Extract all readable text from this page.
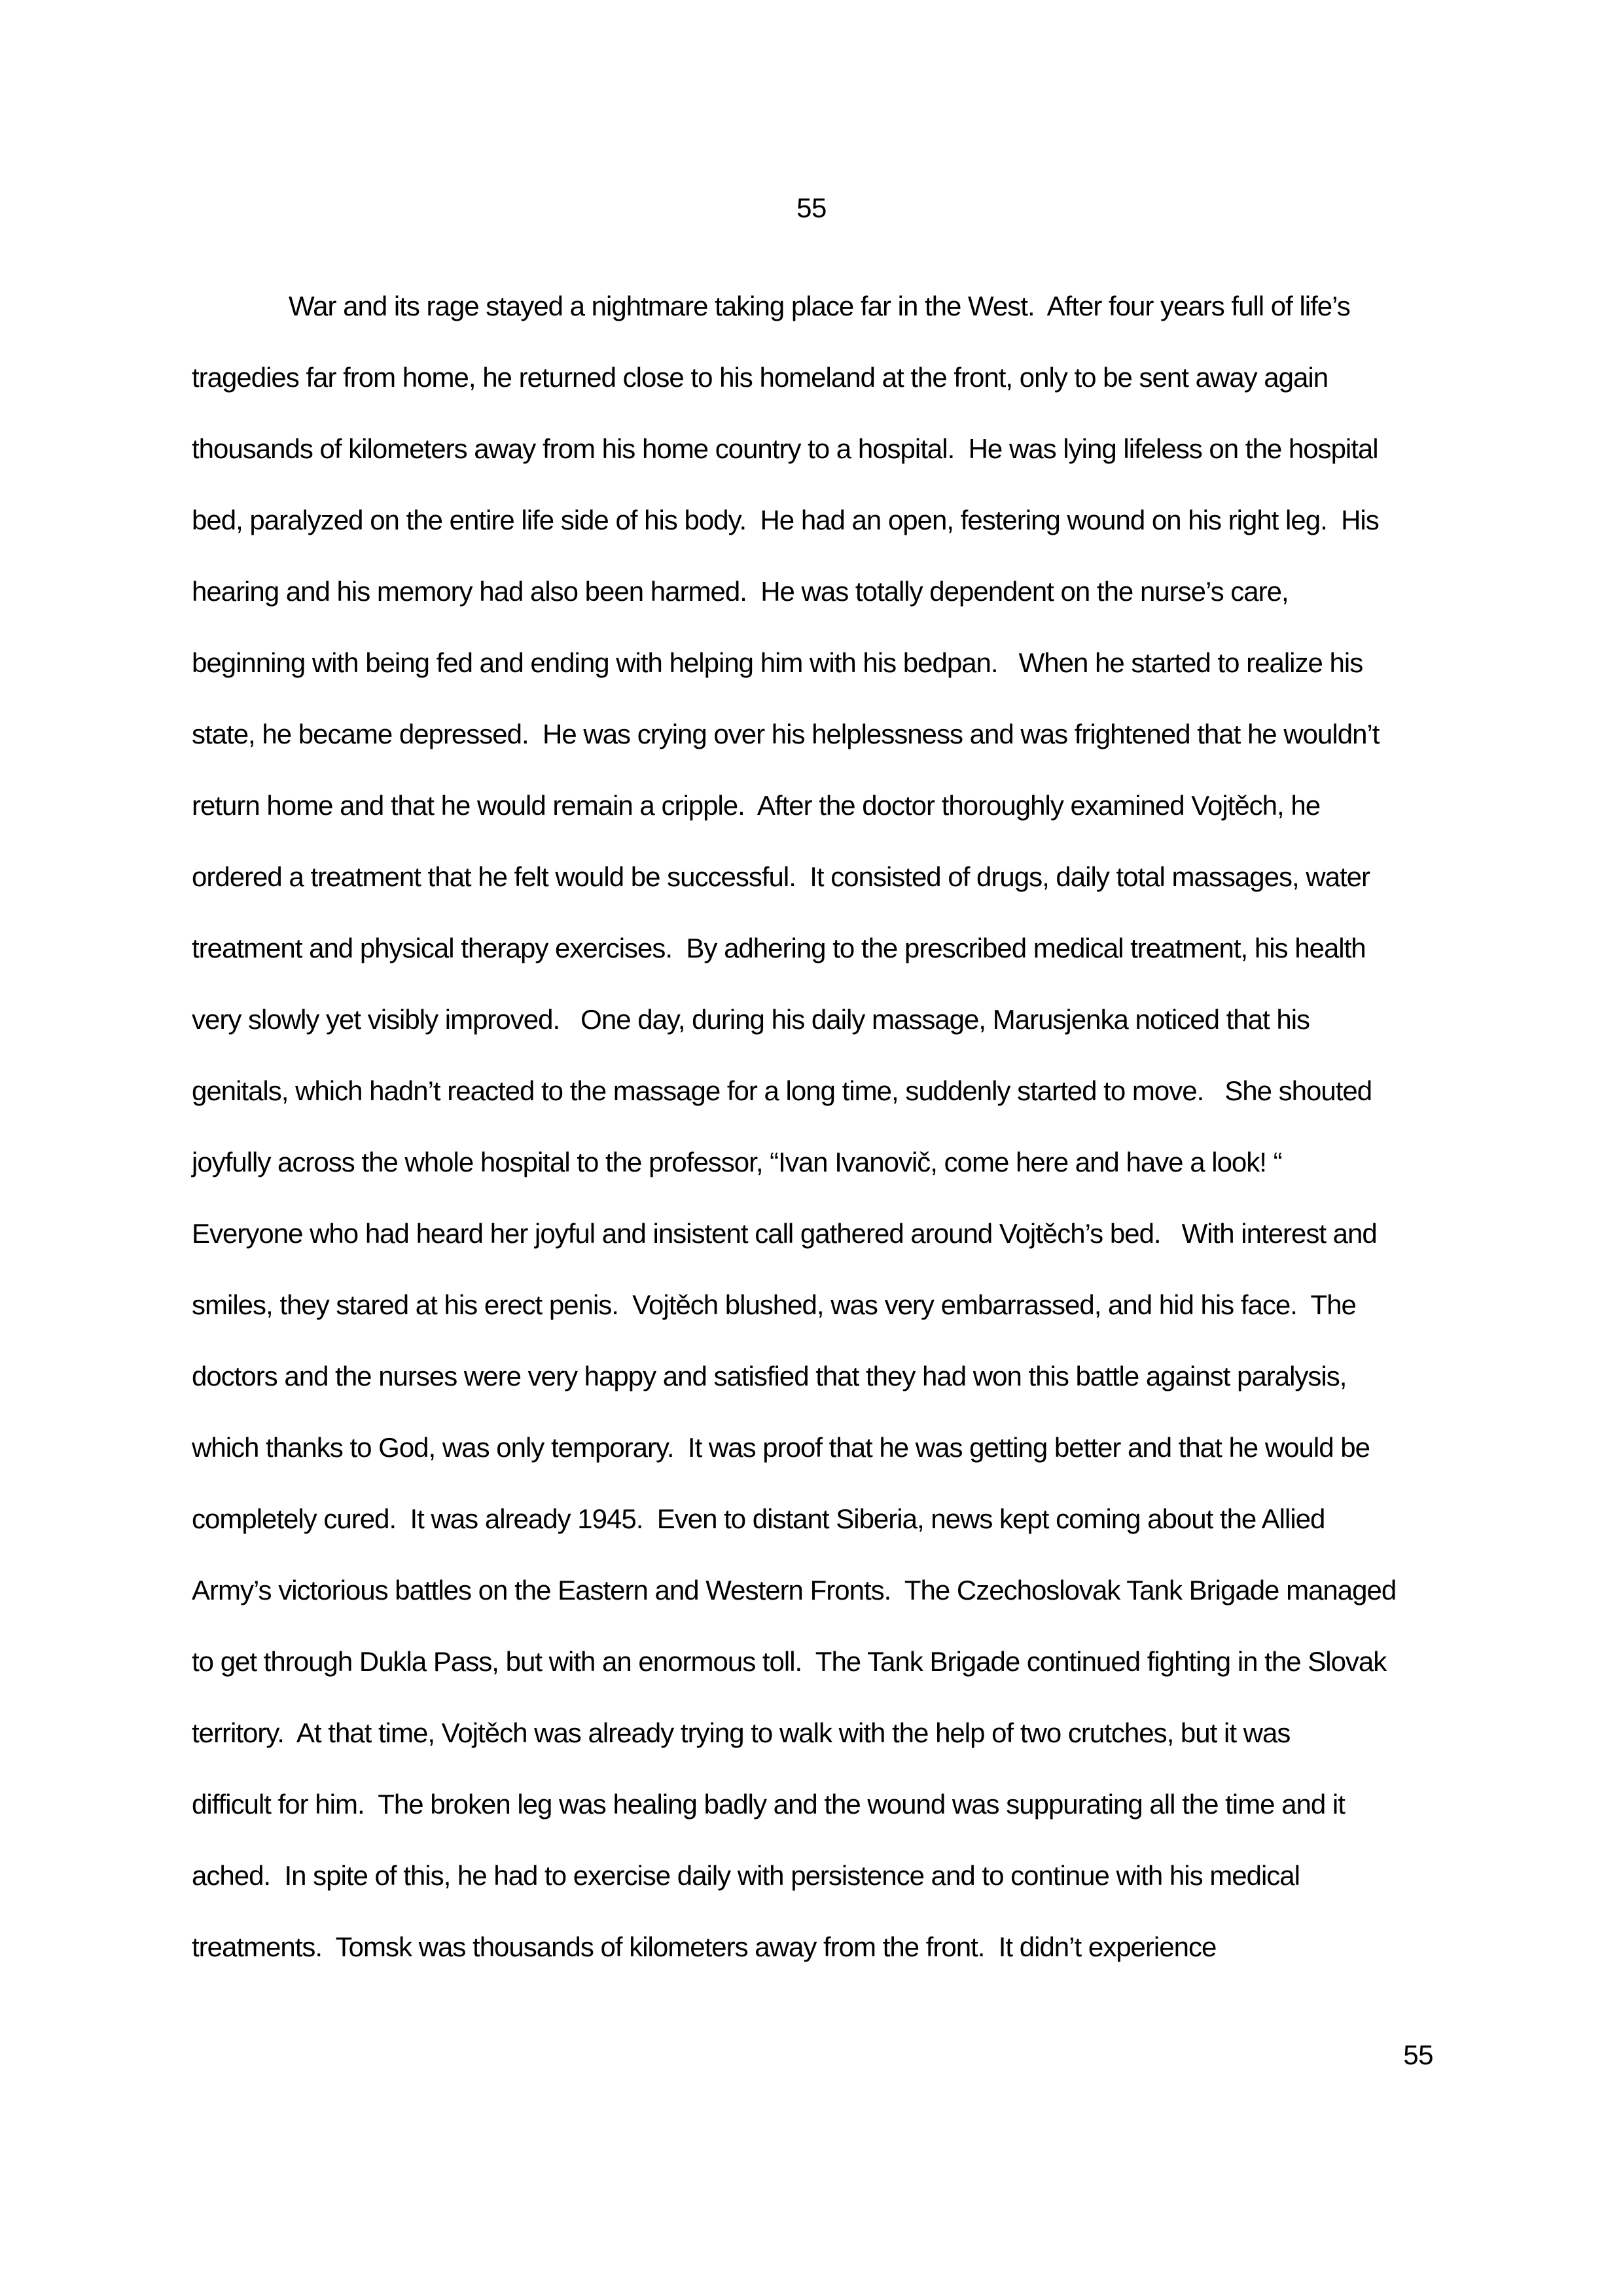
55
War and its rage stayed a nightmare taking place far in the West.  After four years full of life’s
tragedies far from home, he returned close to his homeland at the front, only to be sent away again
thousands of kilometers away from his home country to a hospital.  He was lying lifeless on the hospital
bed, paralyzed on the entire life side of his body.  He had an open, festering wound on his right leg.  His
hearing and his memory had also been harmed.  He was totally dependent on the nurse’s care,
beginning with being fed and ending with helping him with his bedpan.   When he started to realize his
state, he became depressed.  He was crying over his helplessness and was frightened that he wouldn’t
return home and that he would remain a cripple.  After the doctor thoroughly examined Vojtěch, he
ordered a treatment that he felt would be successful.  It consisted of drugs, daily total massages, water
treatment and physical therapy exercises.  By adhering to the prescribed medical treatment, his health
very slowly yet visibly improved.   One day, during his daily massage, Marusjenka noticed that his
genitals, which hadn’t reacted to the massage for a long time, suddenly started to move.   She shouted
joyfully across the whole hospital to the professor, “Ivan Ivanovič, come here and have a look! “
Everyone who had heard her joyful and insistent call gathered around Vojtěch’s bed.   With interest and
smiles, they stared at his erect penis.  Vojtěch blushed, was very embarrassed, and hid his face.  The
doctors and the nurses were very happy and satisfied that they had won this battle against paralysis,
which thanks to God, was only temporary.  It was proof that he was getting better and that he would be
completely cured.  It was already 1945.  Even to distant Siberia, news kept coming about the Allied
Army’s victorious battles on the Eastern and Western Fronts.  The Czechoslovak Tank Brigade managed
to get through Dukla Pass, but with an enormous toll.  The Tank Brigade continued fighting in the Slovak
territory.  At that time, Vojtěch was already trying to walk with the help of two crutches, but it was
difficult for him.  The broken leg was healing badly and the wound was suppurating all the time and it
ached.  In spite of this, he had to exercise daily with persistence and to continue with his medical
treatments.  Tomsk was thousands of kilometers away from the front.  It didn’t experience
55
